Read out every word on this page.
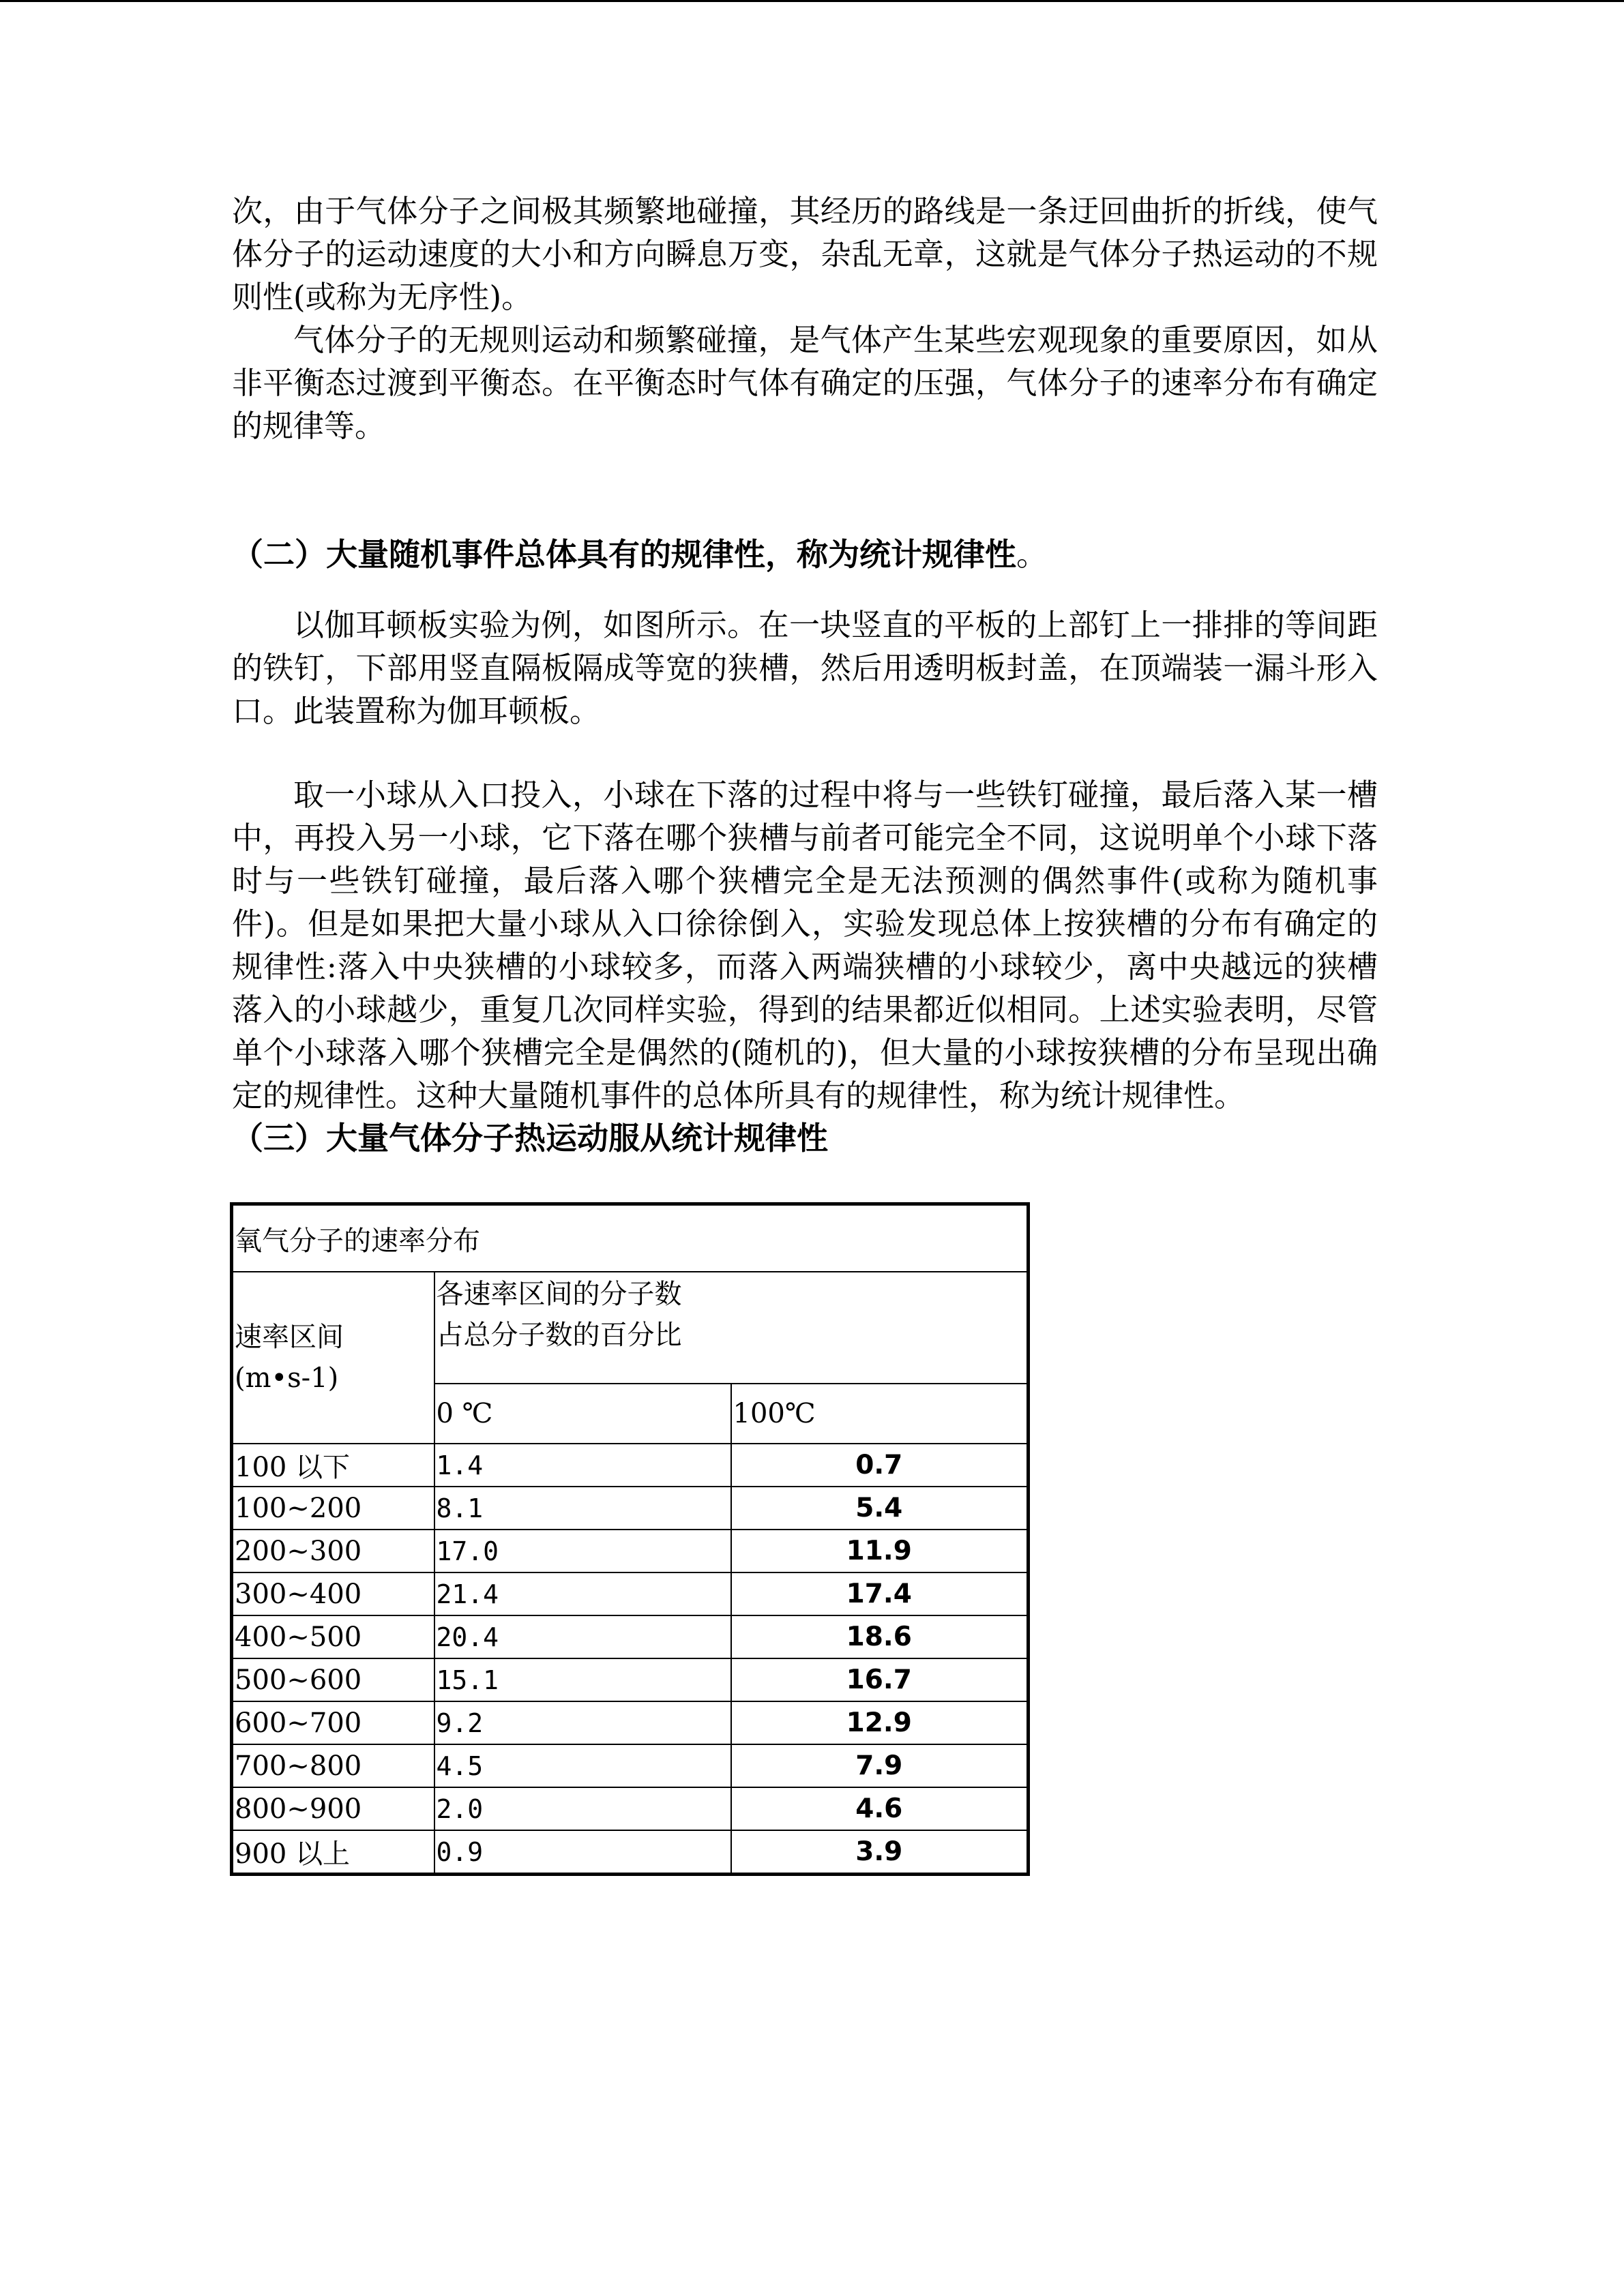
次，由于气体分子之间极其频繁地碰撞，其经历的路线是一条迂回曲折的折线，使气体分子的运动速度的大小和方向瞬息万变，杂乱无章，这就是气体分子热运动的不规则性(或称为无序性)。

气体分子的无规则运动和频繁碰撞，是气体产生某些宏观现象的重要原因，如从非平衡态过渡到平衡态。在平衡态时气体有确定的压强，气体分子的速率分布有确定的规律等。

（二）大量随机事件总体具有的规律性，称为统计规律性。

以伽耳顿板实验为例，如图所示。在一块竖直的平板的上部钉上一排排的等间距的铁钉，下部用竖直隔板隔成等宽的狭槽，然后用透明板封盖，在顶端装一漏斗形入口。此装置称为伽耳顿板。

取一小球从入口投入，小球在下落的过程中将与一些铁钉碰撞，最后落入某一槽中，再投入另一小球，它下落在哪个狭槽与前者可能完全不同，这说明单个小球下落时与一些铁钉碰撞，最后落入哪个狭槽完全是无法预测的偶然事件(或称为随机事件)。但是如果把大量小球从入口徐徐倒入，实验发现总体上按狭槽的分布有确定的规律性:落入中央狭槽的小球较多，而落入两端狭槽的小球较少，离中央越远的狭槽落入的小球越少，重复几次同样实验，得到的结果都近似相同。上述实验表明，尽管单个小球落入哪个狭槽完全是偶然的(随机的)，但大量的小球按狭槽的分布呈现出确定的规律性。这种大量随机事件的总体所具有的规律性，称为统计规律性。

（三）大量气体分子热运动服从统计规律性
氧气分子的速率分布		
速率区间
(m•s-1)	各速率区间的分子数
占总分子数的百分比	
	0 ℃	100℃
100 以下	1.4	0.7
100~200	8.1	5.4
200~300	17.0	11.9
300~400	21.4	17.4
400~500	20.4	18.6
500~600	15.1	16.7
600~700	9.2	12.9
700~800	4.5	7.9
800~900	2.0	4.6
900 以上	0.9	3.9
